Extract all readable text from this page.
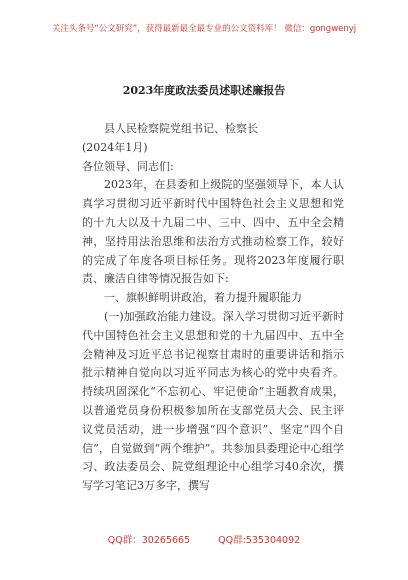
关注头条号“公文研究”，获得最新最全最专业的公文资料库！ 微信：gongwenyj
2023年度政法委员述职述廉报告

县人民检察院党组书记、检察长

(2024年1月)

各位领导、同志们:

2023年，在县委和上级院的坚强领导下，本人认真学习贯彻习近平新时代中国特色社会主义思想和党的十九大以及十九届二中、三中、四中、五中全会精神，坚持用法治思维和法治方式推动检察工作，较好的完成了年度各项目标任务。现将2023年度履行职责、廉洁自律等情况报告如下:

一、旗帜鲜明讲政治，着力提升履职能力

(一)加强政治能力建设。深入学习贯彻习近平新时代中国特色社会主义思想和党的十九届四中、五中全会精神及习近平总书记视察甘肃时的重要讲话和指示批示精神自觉向以习近平同志为核心的党中央看齐。持续巩固深化“不忘初心、牢记使命”主题教育成果，以普通党员身份积极参加所在支部党员大会、民主评议党员活动，进一步增强“四个意识”、坚定“四个自信”，自觉做到“两个维护”。共参加县委理论中心组学习、政法委员会、院党组理论中心组学习40余次，撰写学习笔记3万多字，撰写

QQ群：30265665	QQ群:535304092
